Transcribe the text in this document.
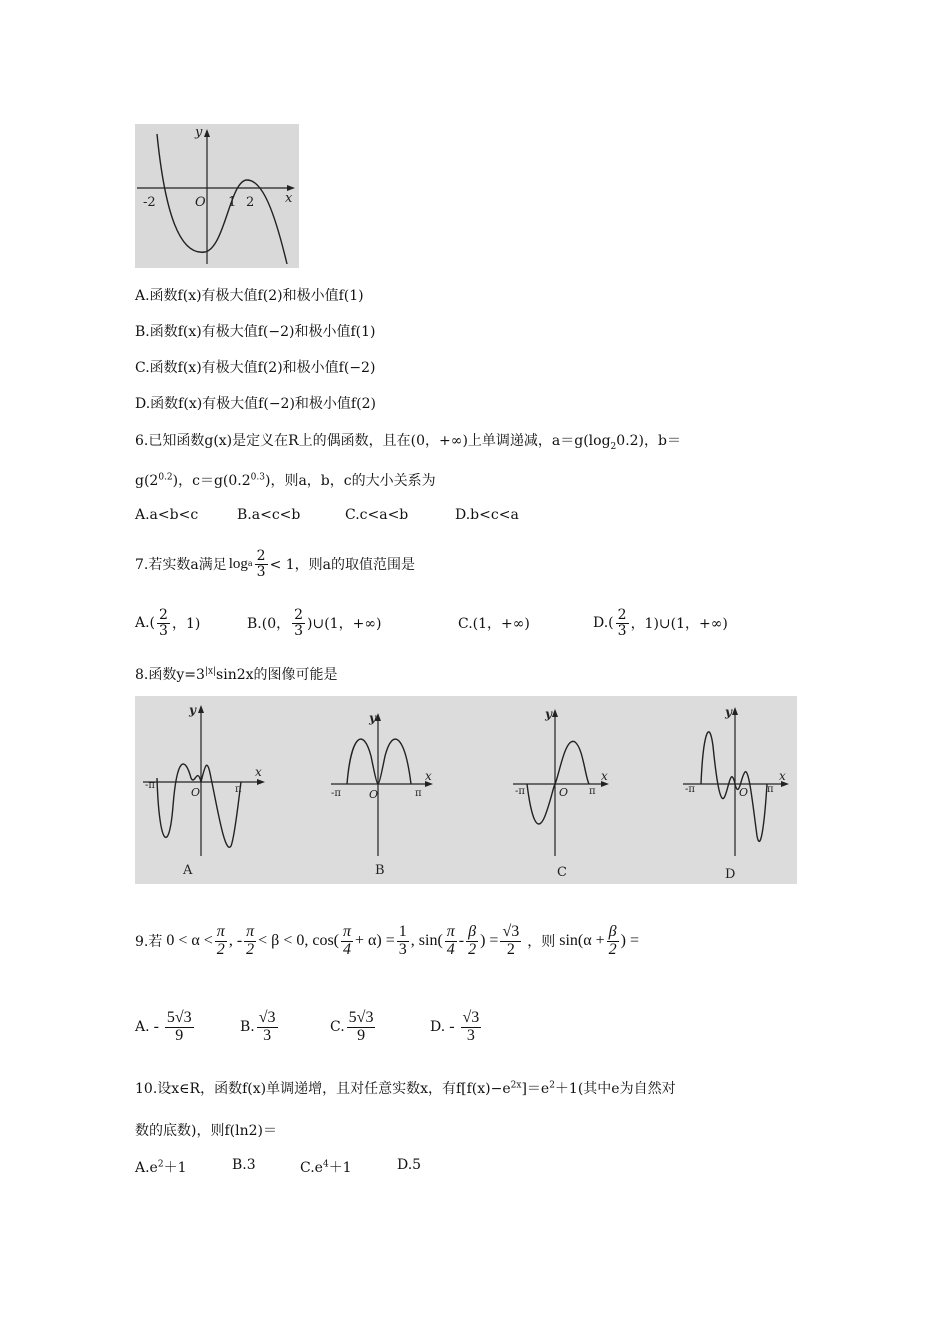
y
x
-2	O 1 2
A.函数f(x)有极大值f(2)和极小值f(1)
B.函数f(x)有极大值f(−2)和极小值f(1)
C.函数f(x)有极大值f(2)和极小值f(−2)
D.函数f(x)有极大值f(−2)和极小值f(2)
6.已知函数g(x)是定义在R上的偶函数，且在(0，+∞)上单调递减，$a=g(\log_20.2)$，b＝
$g(2^{0.2})$，$c=g(0.2^{0.3})$，则a，b，c的大小关系为
A.a<b<c	B.a<c<b	C.c<a<b	D.b<c<a
7.若实数a满足 log a $\frac{2}{3} < 1$，则a的取值范围是
$A.( \frac{2}{3}$ ，1)	B.(0， $\frac{2}{3}$ )∪(1，+∞)	C.(1，+∞)	$D.( \frac{2}{3}$ ，1)∪(1，+∞)
8.函数$y=3^{|x|}\sin 2x$的图像可能是
y
x
-π
O	π
A
y
x
-π	O	π
B
y
x
-π	O π
C
y
x
-π	O π
D
9.若 $0 < \alpha < \frac{\pi}{2}$ , - $\frac{\pi}{2} < \beta < 0$, $\cos( \frac{\pi}{4} + \alpha) = \frac{1}{3}$ , $\sin( \frac{\pi}{4} - \frac{\beta}{2}$ ) = $\frac{√3}{2}$ ，则 $\sin(\alpha + \frac{\beta}{2}$ ) =
A. - $\frac{5√3}{9}$	B. $\frac{√3}{3}$	C. $\frac{5√3}{9}$	D. - $\frac{√3}{3}$
10.设x∈R，函数f(x)单调递增，且对任意实数x，有$f[f(x)-e^{2x}]=e^2+1$(其中e为自然对
数的底数)，则f(ln2)＝
$A.e^2+1$	B.3	$C.e^4+1$	D.5
